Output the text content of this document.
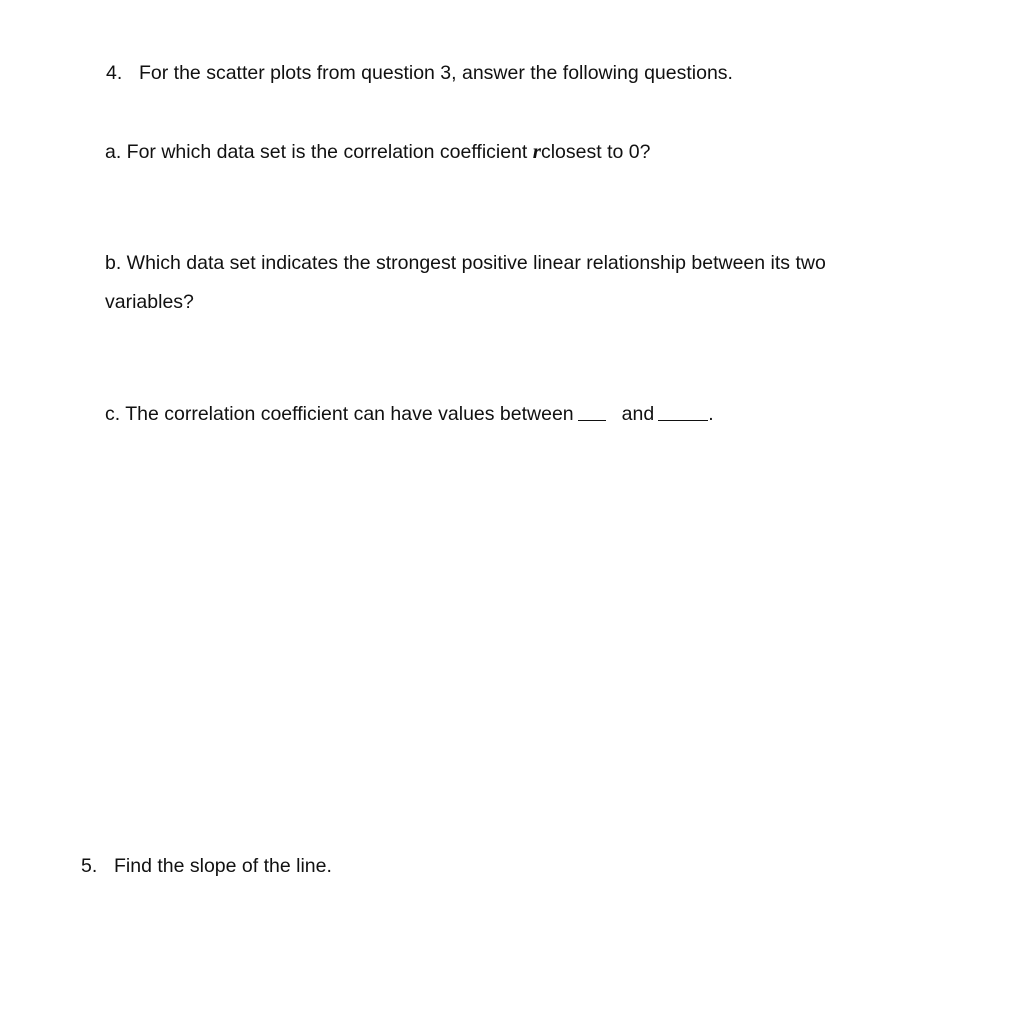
4. For the scatter plots from question 3, answer the following questions.
a. For which data set is the correlation coefficient rclosest to 0?
b. Which data set indicates the strongest positive linear relationship between its two
variables?
c. The correlation coefficient can have values between and	.
5. Find the slope of the line.
